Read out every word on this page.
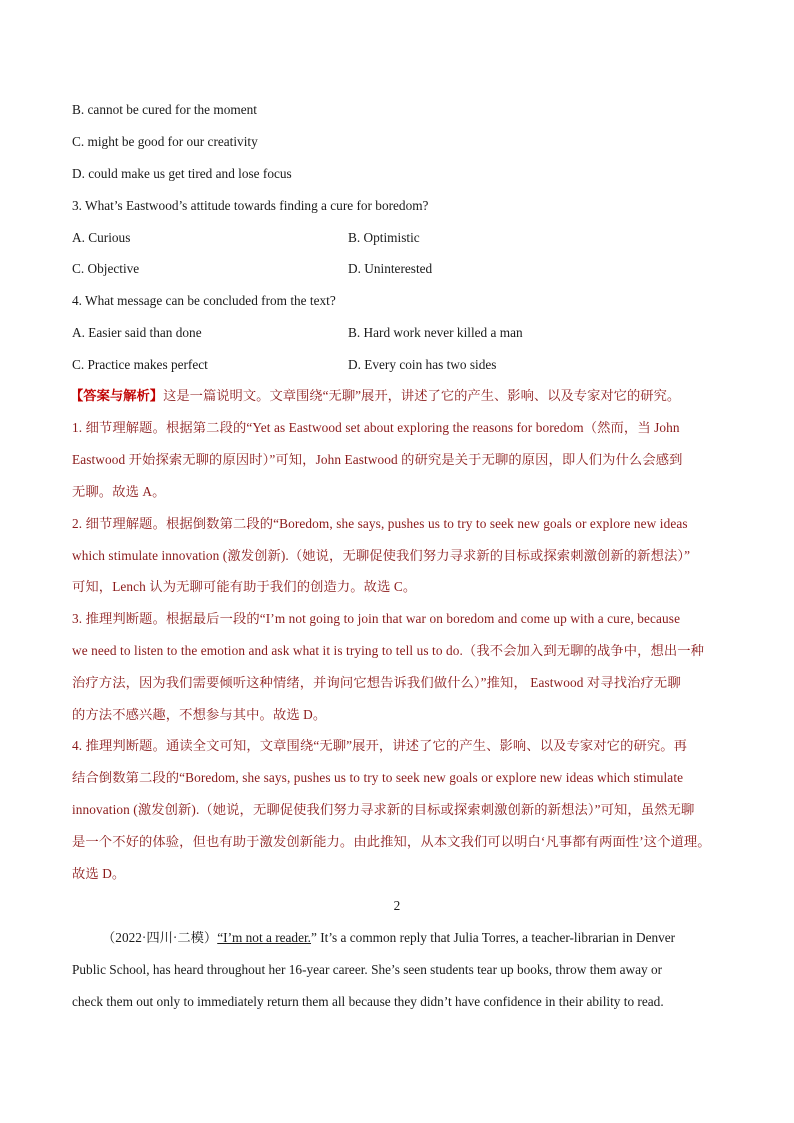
B. cannot be cured for the moment
C. might be good for our creativity
D. could make us get tired and lose focus
3. What’s Eastwood’s attitude towards finding a cure for boredom?
A. Curious	B. Optimistic
C. Objective	D. Uninterested
4. What message can be concluded from the text?
A. Easier said than done	B. Hard work never killed a man
C. Practice makes perfect	D. Every coin has two sides
【答案与解析】这是一篇说明文。文章围绕“无聊”展开，讲述了它的产生、影响、以及专家对它的研究。
1. 细节理解题。根据第二段的“Yet as Eastwood set about exploring the reasons for boredom（然而，当 John
Eastwood 开始探索无聊的原因时）”可知，John Eastwood 的研究是关于无聊的原因，即人们为什么会感到
无聊。故选 A。
2. 细节理解题。根据倒数第二段的“Boredom, she says, pushes us to try to seek new goals or explore new ideas
which stimulate innovation (激发创新).（她说，无聊促使我们努力寻求新的目标或探索刺激创新的新想法）”
可知，Lench 认为无聊可能有助于我们的创造力。故选 C。
3. 推理判断题。根据最后一段的“I’m not going to join that war on boredom and come up with a cure, because
we need to listen to the emotion and ask what it is trying to tell us to do.（我不会加入到无聊的战争中，想出一种
治疗方法，因为我们需要倾听这种情绪，并询问它想告诉我们做什么）”推知， Eastwood 对寻找治疗无聊
的方法不感兴趣，不想参与其中。故选 D。
4. 推理判断题。通读全文可知，文章围绕“无聊”展开，讲述了它的产生、影响、以及专家对它的研究。再
结合倒数第二段的“Boredom, she says, pushes us to try to seek new goals or explore new ideas which stimulate
innovation (激发创新).（她说，无聊促使我们努力寻求新的目标或探索刺激创新的新想法）”可知，虽然无聊
是一个不好的体验，但也有助于激发创新能力。由此推知，从本文我们可以明白‘凡事都有两面性’这个道理。
故选 D。
2
（2022·四川·二模）“I’m not a reader.” It’s a common reply that Julia Torres, a teacher-librarian in Denver
Public School, has heard throughout her 16-year career. She’s seen students tear up books, throw them away or
check them out only to immediately return them all because they didn’t have confidence in their ability to read.
